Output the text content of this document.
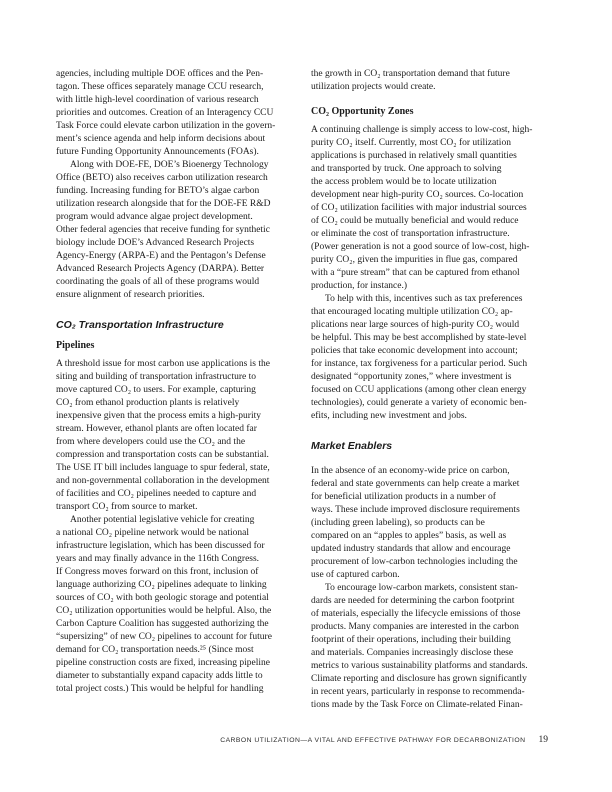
agencies, including multiple DOE offices and the Pen-
tagon. These offices separately manage CCU research,
with little high-level coordination of various research
priorities and outcomes. Creation of an Interagency CCU
Task Force could elevate carbon utilization in the govern-
ment’s science agenda and help inform decisions about
future Funding Opportunity Announcements (FOAs).
Along with DOE-FE, DOE’s Bioenergy Technology
Office (BETO) also receives carbon utilization research
funding. Increasing funding for BETO’s algae carbon
utilization research alongside that for the DOE-FE R&D
program would advance algae project development.
Other federal agencies that receive funding for synthetic
biology include DOE’s Advanced Research Projects
Agency-Energy (ARPA-E) and the Pentagon’s Defense
Advanced Research Projects Agency (DARPA). Better
coordinating the goals of all of these programs would
ensure alignment of research priorities.
CO₂ Transportation Infrastructure
Pipelines
A threshold issue for most carbon use applications is the
siting and building of transportation infrastructure to
move captured CO₂ to users. For example, capturing
CO₂ from ethanol production plants is relatively
inexpensive given that the process emits a high-purity
stream. However, ethanol plants are often located far
from where developers could use the CO₂ and the
compression and transportation costs can be substantial.
The USE IT bill includes language to spur federal, state,
and non-governmental collaboration in the development
of facilities and CO₂ pipelines needed to capture and
transport CO₂ from source to market.
Another potential legislative vehicle for creating
a national CO₂ pipeline network would be national
infrastructure legislation, which has been discussed for
years and may finally advance in the 116th Congress.
If Congress moves forward on this front, inclusion of
language authorizing CO₂ pipelines adequate to linking
sources of CO₂ with both geologic storage and potential
CO₂ utilization opportunities would be helpful. Also, the
Carbon Capture Coalition has suggested authorizing the
“supersizing” of new CO₂ pipelines to account for future
demand for CO₂ transportation needs.²⁵ (Since most
pipeline construction costs are fixed, increasing pipeline
diameter to substantially expand capacity adds little to
total project costs.) This would be helpful for handling
the growth in CO₂ transportation demand that future
utilization projects would create.
CO₂ Opportunity Zones
A continuing challenge is simply access to low-cost, high-
purity CO₂ itself. Currently, most CO₂ for utilization
applications is purchased in relatively small quantities
and transported by truck. One approach to solving
the access problem would be to locate utilization
development near high-purity CO₂ sources. Co-location
of CO₂ utilization facilities with major industrial sources
of CO₂ could be mutually beneficial and would reduce
or eliminate the cost of transportation infrastructure.
(Power generation is not a good source of low-cost, high-
purity CO₂, given the impurities in flue gas, compared
with a “pure stream” that can be captured from ethanol
production, for instance.)
To help with this, incentives such as tax preferences
that encouraged locating multiple utilization CO₂ ap-
plications near large sources of high-purity CO₂ would
be helpful. This may be best accomplished by state-level
policies that take economic development into account;
for instance, tax forgiveness for a particular period. Such
designated “opportunity zones,” where investment is
focused on CCU applications (among other clean energy
technologies), could generate a variety of economic ben-
efits, including new investment and jobs.
Market Enablers
In the absence of an economy-wide price on carbon,
federal and state governments can help create a market
for beneficial utilization products in a number of
ways. These include improved disclosure requirements
(including green labeling), so products can be
compared on an “apples to apples” basis, as well as
updated industry standards that allow and encourage
procurement of low-carbon technologies including the
use of captured carbon.
To encourage low-carbon markets, consistent stan-
dards are needed for determining the carbon footprint
of materials, especially the lifecycle emissions of those
products. Many companies are interested in the carbon
footprint of their operations, including their building
and materials. Companies increasingly disclose these
metrics to various sustainability platforms and standards.
Climate reporting and disclosure has grown significantly
in recent years, particularly in response to recommenda-
tions made by the Task Force on Climate-related Finan-
CARBON UTILIZATION—A VITAL AND EFFECTIVE PATHWAY FOR DECARBONIZATION 19
